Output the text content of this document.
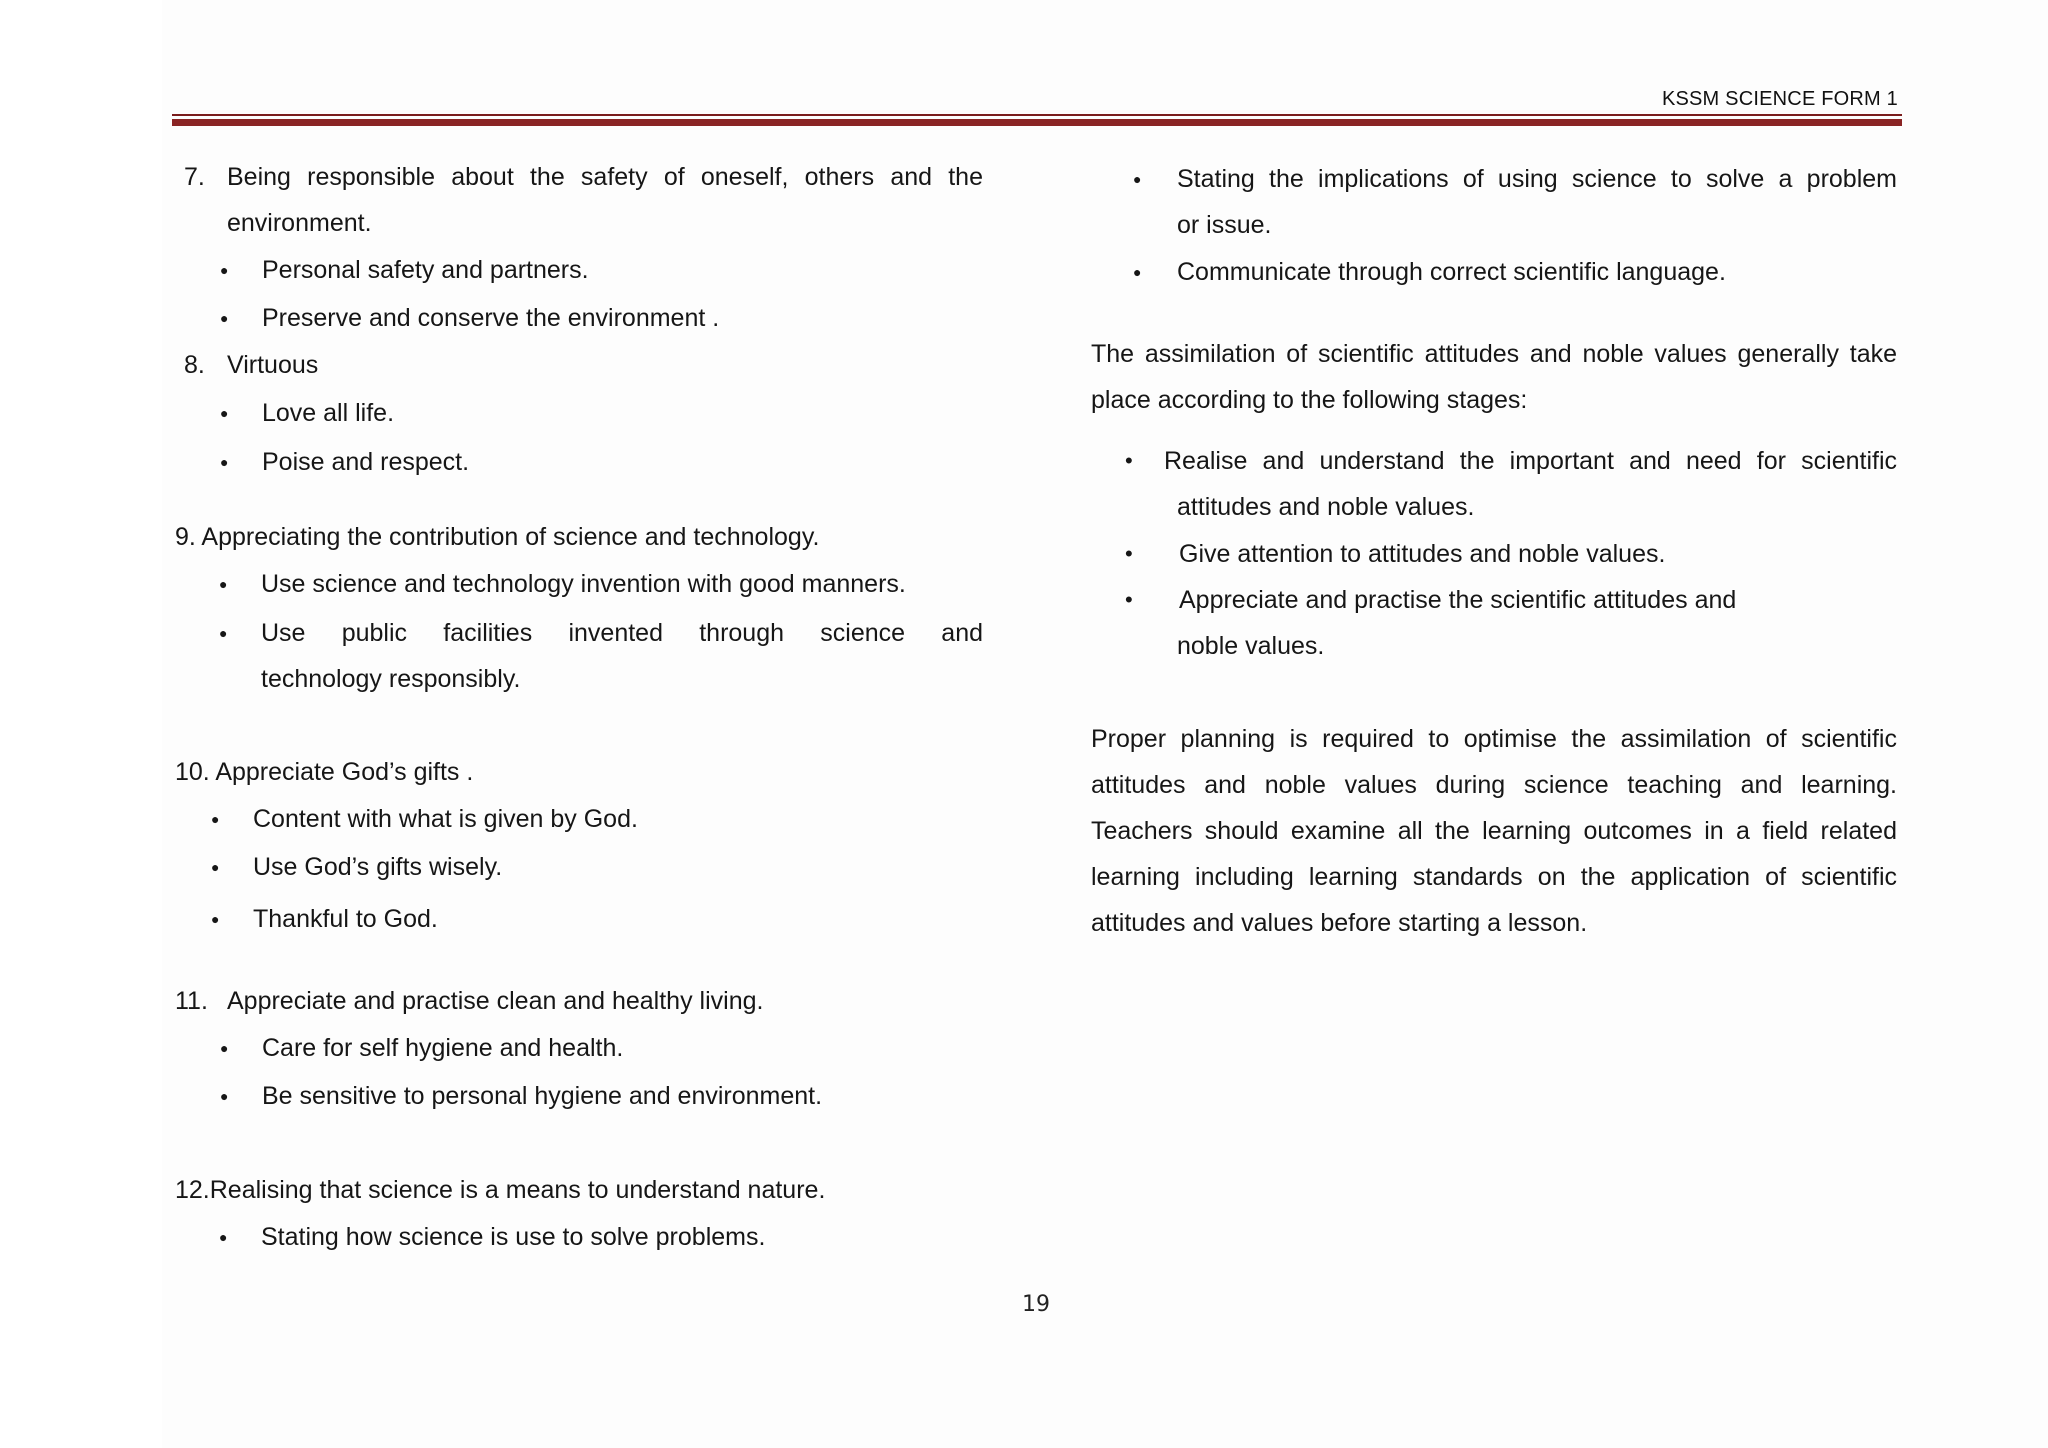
KSSM SCIENCE FORM 1
7. Being responsible about the safety of oneself, others and the
environment.
● Personal safety and partners.
● Preserve and conserve the environment .
8. Virtuous
● Love all life.
● Poise and respect.
9. Appreciating the contribution of science and technology.
● Use science and technology invention with good manners.
● Use public facilities invented through science and
technology responsibly.
10. Appreciate God’s gifts .
● Content with what is given by God.
● Use God’s gifts wisely.
● Thankful to God.
11. Appreciate and practise clean and healthy living.
● Care for self hygiene and health.
● Be sensitive to personal hygiene and environment.
12.Realising that science is a means to understand nature.
● Stating how science is use to solve problems.
● Stating the implications of using science to solve a problem
or issue.
● Communicate through correct scientific language.
The assimilation of scientific attitudes and noble values generally take place according to the following stages:
• Realise and understand the important and need for scientific
attitudes and noble values.
• Give attention to attitudes and noble values.
• Appreciate and practise the scientific attitudes and
noble values.
Proper planning is required to optimise the assimilation of scientific attitudes and noble values during science teaching and learning. Teachers should examine all the learning outcomes in a field related learning including learning standards on the application of scientific attitudes and values before starting a lesson.
19
